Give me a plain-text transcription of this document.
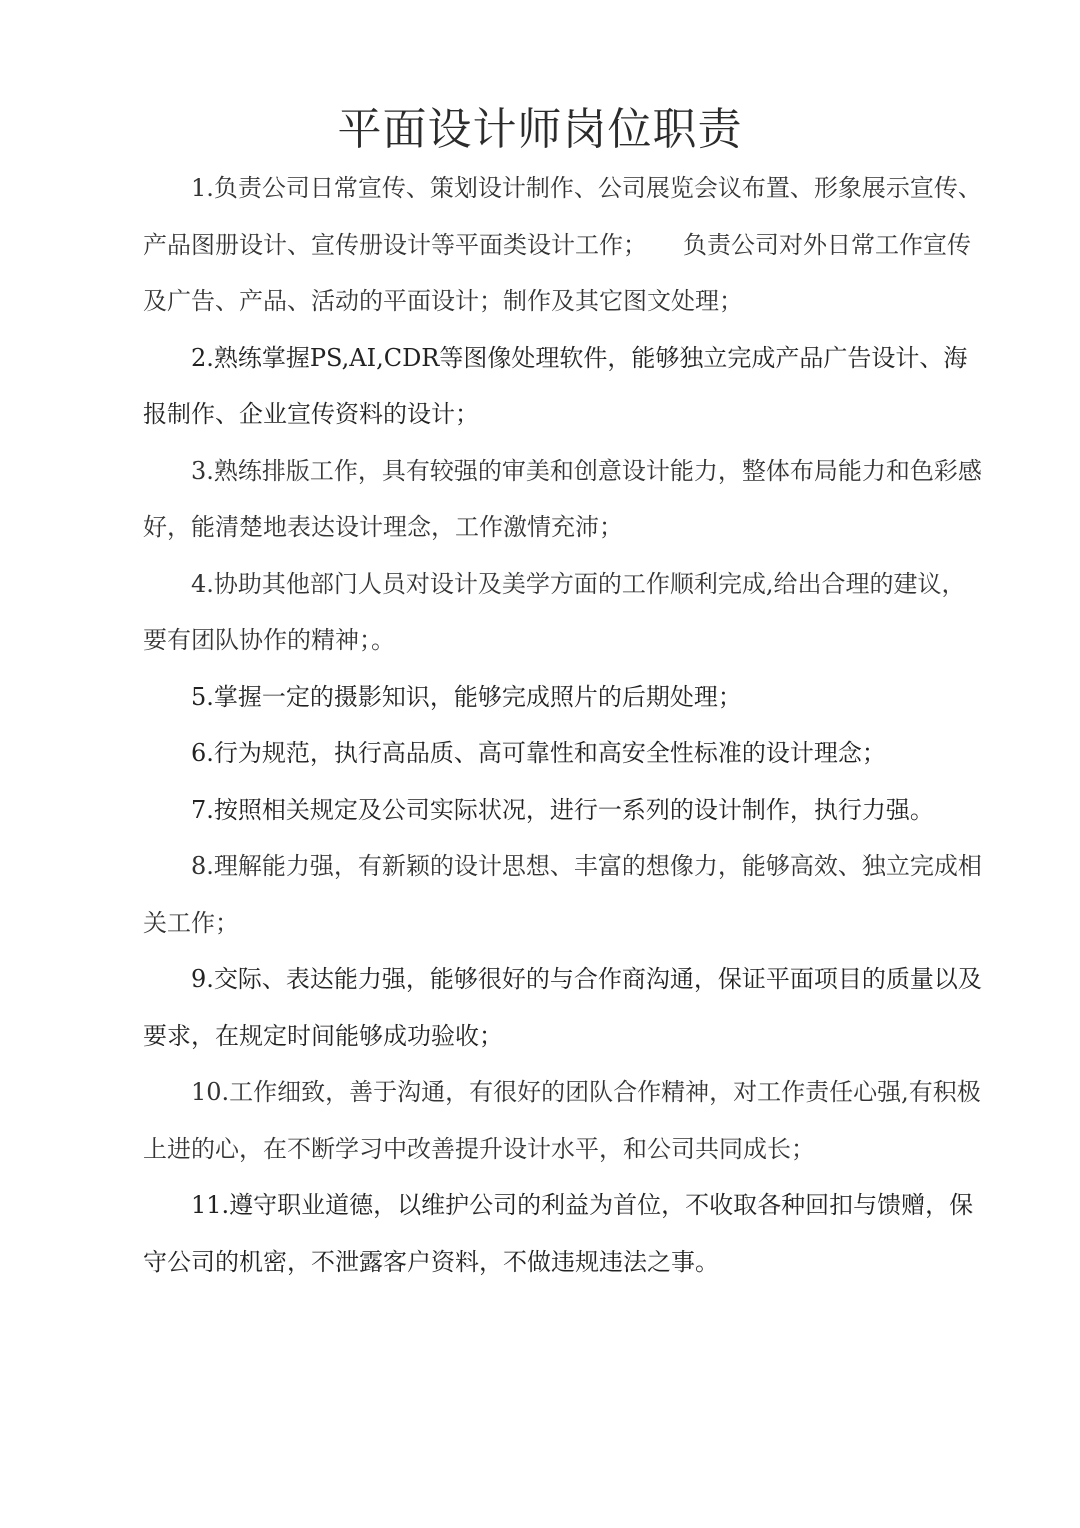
平面设计师岗位职责

1.负责公司日常宣传、策划设计制作、公司展览会议布置、形象展示宣传、产品图册设计、宣传册设计等平面类设计工作；　　负责公司对外日常工作宣传及广告、产品、活动的平面设计；制作及其它图文处理；

2.熟练掌握PS,AI,CDR等图像处理软件，能够独立完成产品广告设计、海报制作、企业宣传资料的设计；

3.熟练排版工作，具有较强的审美和创意设计能力，整体布局能力和色彩感好，能清楚地表达设计理念，工作激情充沛；

4.协助其他部门人员对设计及美学方面的工作顺利完成,给出合理的建议，要有团队协作的精神；。

5.掌握一定的摄影知识，能够完成照片的后期处理；

6.行为规范，执行高品质、高可靠性和高安全性标准的设计理念；

7.按照相关规定及公司实际状况，进行一系列的设计制作，执行力强。

8.理解能力强，有新颖的设计思想、丰富的想像力，能够高效、独立完成相关工作；

9.交际、表达能力强，能够很好的与合作商沟通，保证平面项目的质量以及要求，在规定时间能够成功验收；

10.工作细致，善于沟通，有很好的团队合作精神，对工作责任心强,有积极上进的心，在不断学习中改善提升设计水平，和公司共同成长；

11.遵守职业道德，以维护公司的利益为首位，不收取各种回扣与馈赠，保守公司的机密，不泄露客户资料，不做违规违法之事。
